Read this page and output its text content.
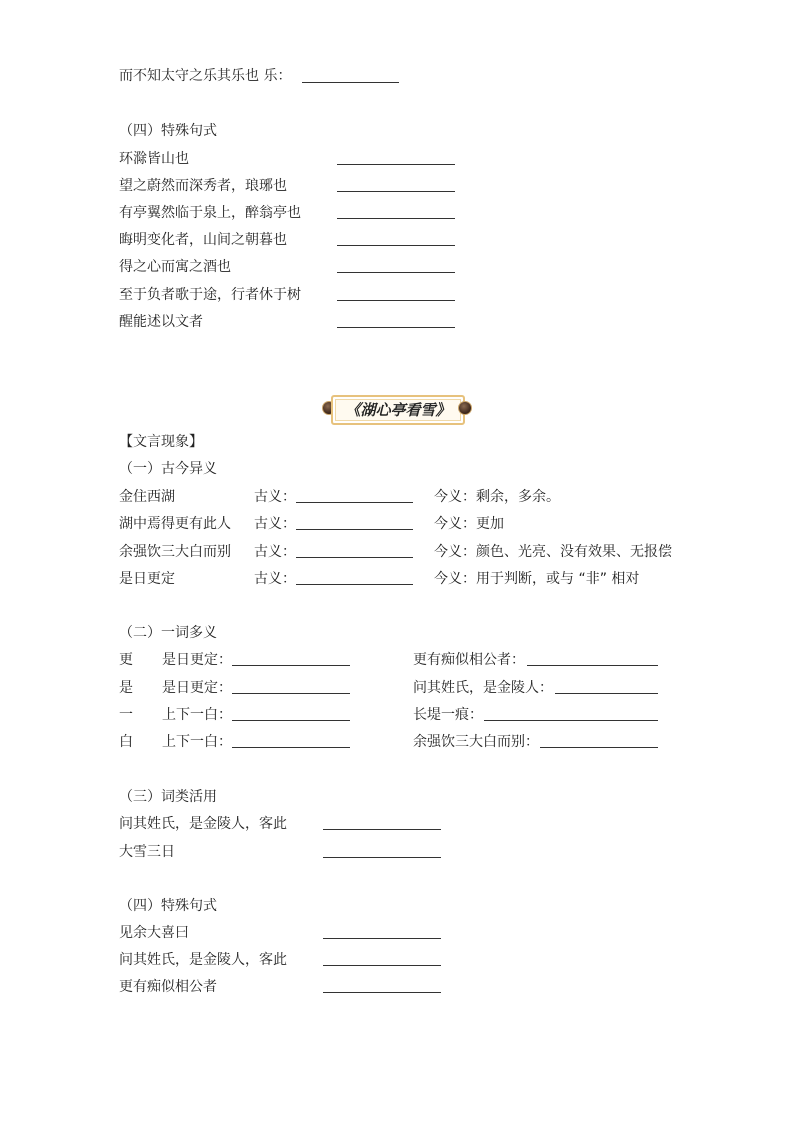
而不知太守之乐其乐也 乐：
（四）特殊句式
环滁皆山也
望之蔚然而深秀者，琅琊也
有亭翼然临于泉上，醉翁亭也
晦明变化者，山间之朝暮也
得之心而寓之酒也
至于负者歌于途，行者休于树
醒能述以文者
《湖心亭看雪》
【文言现象】
（一）古今异义
金住西湖	古义：	今义：剩余，多余。
湖中焉得更有此人 古义：	今义：更加
余强饮三大白而别 古义：	今义：颜色、光亮、没有效果、无报偿
是日更定	古义：	今义：用于判断，或与 “非” 相对
（二）一词多义
更 是日更定：	更有痴似相公者：
是 是日更定：	问其姓氏，是金陵人：
一 上下一白：	长堤一痕：
白 上下一白：	余强饮三大白而别：
（三）词类活用
问其姓氏，是金陵人，客此
大雪三日
（四）特殊句式
见余大喜曰
问其姓氏，是金陵人，客此
更有痴似相公者
